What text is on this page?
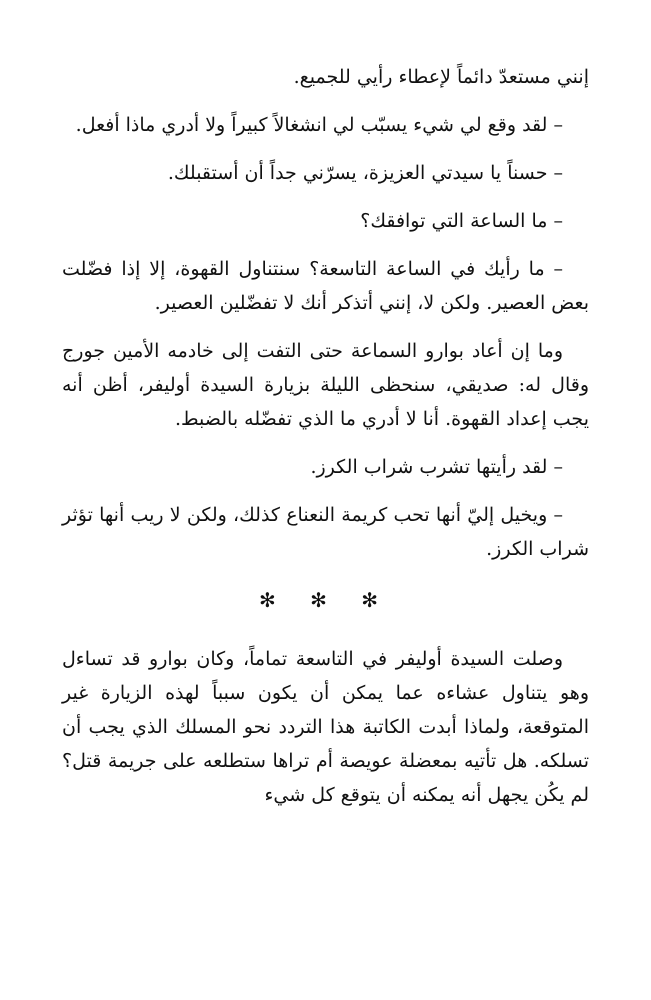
إنني مستعدّ دائماً لإعطاء رأيي للجميع.

– لقد وقع لي شيء يسبّب لي انشغالاً كبيراً ولا أدري ماذا أفعل.

– حسناً يا سيدتي العزيزة، يسرّني جداً أن أستقبلك.

– ما الساعة التي توافقك؟

– ما رأيك في الساعة التاسعة؟ سنتناول القهوة، إلا إذا فضّلت بعض العصير. ولكن لا، إنني أتذكر أنك لا تفضّلين العصير.

وما إن أعاد بوارو السماعة حتى التفت إلى خادمه الأمين جورج وقال له: صديقي، سنحظى الليلة بزيارة السيدة أوليفر، أظن أنه يجب إعداد القهوة. أنا لا أدري ما الذي تفضّله بالضبط.

– لقد رأيتها تشرب شراب الكرز.

– ويخيل إليّ أنها تحب كريمة النعناع كذلك، ولكن لا ريب أنها تؤثر شراب الكرز.

✻ ✻ ✻

وصلت السيدة أوليفر في التاسعة تماماً، وكان بوارو قد تساءل وهو يتناول عشاءه عما يمكن أن يكون سبباً لهذه الزيارة غير المتوقعة، ولماذا أبدت الكاتبة هذا التردد نحو المسلك الذي يجب أن تسلكه. هل تأتيه بمعضلة عويصة أم تراها ستطلعه على جريمة قتل؟ لم يكُن يجهل أنه يمكنه أن يتوقع كل شيء
